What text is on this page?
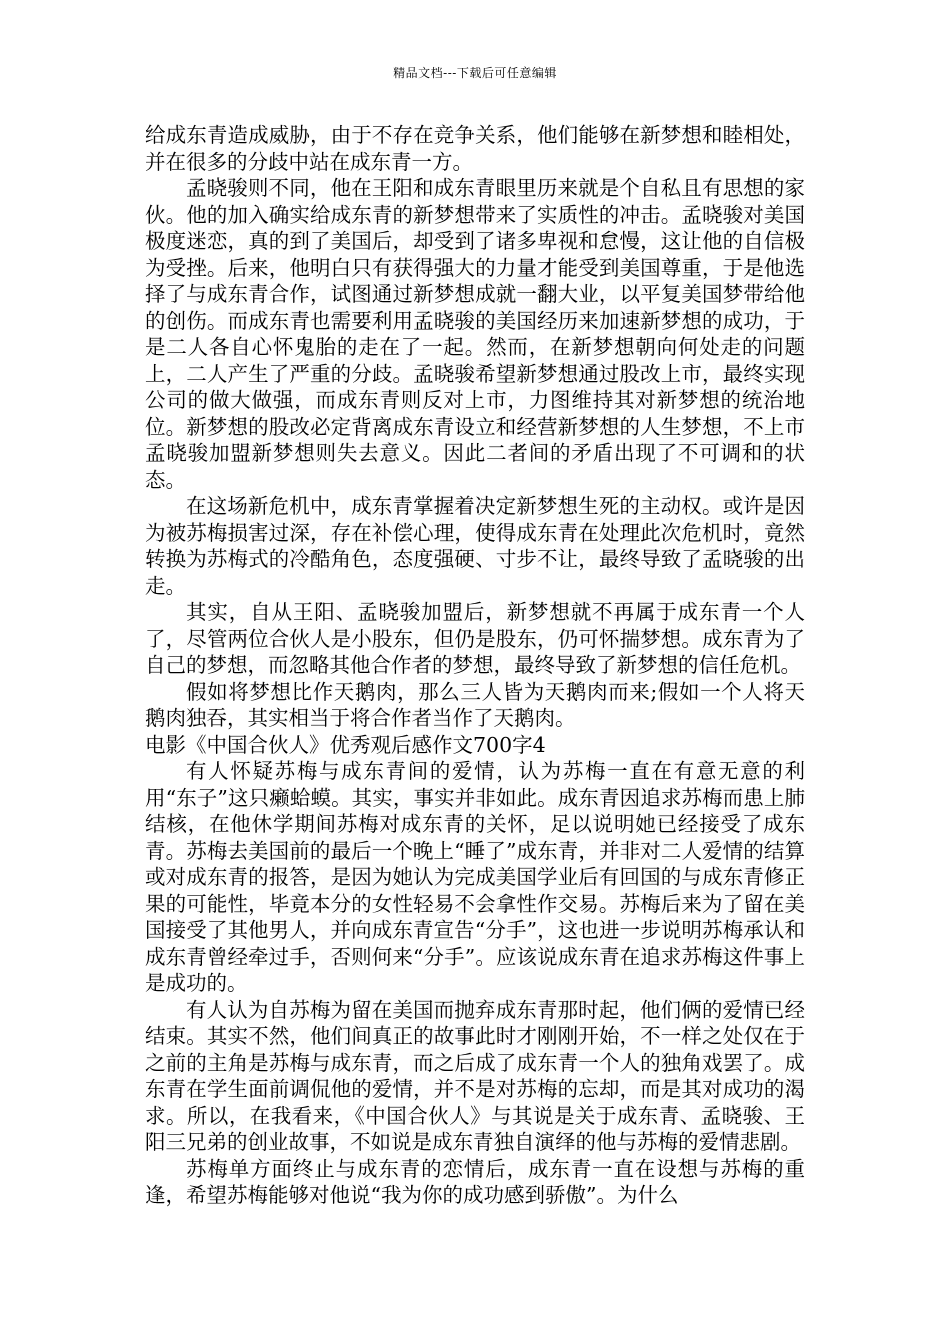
精品文档---下载后可任意编辑

给成东青造成威胁，由于不存在竞争关系，他们能够在新梦想和睦相处，并在很多的分歧中站在成东青一方。

孟晓骏则不同，他在王阳和成东青眼里历来就是个自私且有思想的家伙。他的加入确实给成东青的新梦想带来了实质性的冲击。孟晓骏对美国极度迷恋，真的到了美国后，却受到了诸多卑视和怠慢，这让他的自信极为受挫。后来，他明白只有获得强大的力量才能受到美国尊重，于是他选择了与成东青合作，试图通过新梦想成就一翻大业，以平复美国梦带给他的创伤。而成东青也需要利用孟晓骏的美国经历来加速新梦想的成功，于是二人各自心怀鬼胎的走在了一起。然而，在新梦想朝向何处走的问题上，二人产生了严重的分歧。孟晓骏希望新梦想通过股改上市，最终实现公司的做大做强，而成东青则反对上市，力图维持其对新梦想的统治地位。新梦想的股改必定背离成东青设立和经营新梦想的人生梦想，不上市孟晓骏加盟新梦想则失去意义。因此二者间的矛盾出现了不可调和的状态。

在这场新危机中，成东青掌握着决定新梦想生死的主动权。或许是因为被苏梅损害过深，存在补偿心理，使得成东青在处理此次危机时，竟然转换为苏梅式的冷酷角色，态度强硬、寸步不让，最终导致了孟晓骏的出走。

其实，自从王阳、孟晓骏加盟后，新梦想就不再属于成东青一个人了，尽管两位合伙人是小股东，但仍是股东，仍可怀揣梦想。成东青为了自己的梦想，而忽略其他合作者的梦想，最终导致了新梦想的信任危机。

假如将梦想比作天鹅肉，那么三人皆为天鹅肉而来;假如一个人将天鹅肉独吞，其实相当于将合作者当作了天鹅肉。

电影《中国合伙人》优秀观后感作文700字4

有人怀疑苏梅与成东青间的爱情，认为苏梅一直在有意无意的利用“东子”这只癞蛤蟆。其实，事实并非如此。成东青因追求苏梅而患上肺结核，在他休学期间苏梅对成东青的关怀，足以说明她已经接受了成东青。苏梅去美国前的最后一个晚上“睡了”成东青，并非对二人爱情的结算或对成东青的报答，是因为她认为完成美国学业后有回国的与成东青修正果的可能性，毕竟本分的女性轻易不会拿性作交易。苏梅后来为了留在美国接受了其他男人，并向成东青宣告“分手”，这也进一步说明苏梅承认和成东青曾经牵过手，否则何来“分手”。应该说成东青在追求苏梅这件事上是成功的。

有人认为自苏梅为留在美国而抛弃成东青那时起，他们俩的爱情已经结束。其实不然，他们间真正的故事此时才刚刚开始，不一样之处仅在于之前的主角是苏梅与成东青，而之后成了成东青一个人的独角戏罢了。成东青在学生面前调侃他的爱情，并不是对苏梅的忘却，而是其对成功的渴求。所以，在我看来，《中国合伙人》与其说是关于成东青、孟晓骏、王阳三兄弟的创业故事，不如说是成东青独自演绎的他与苏梅的爱情悲剧。

苏梅单方面终止与成东青的恋情后，成东青一直在设想与苏梅的重逢，希望苏梅能够对他说“我为你的成功感到骄傲”。为什么
